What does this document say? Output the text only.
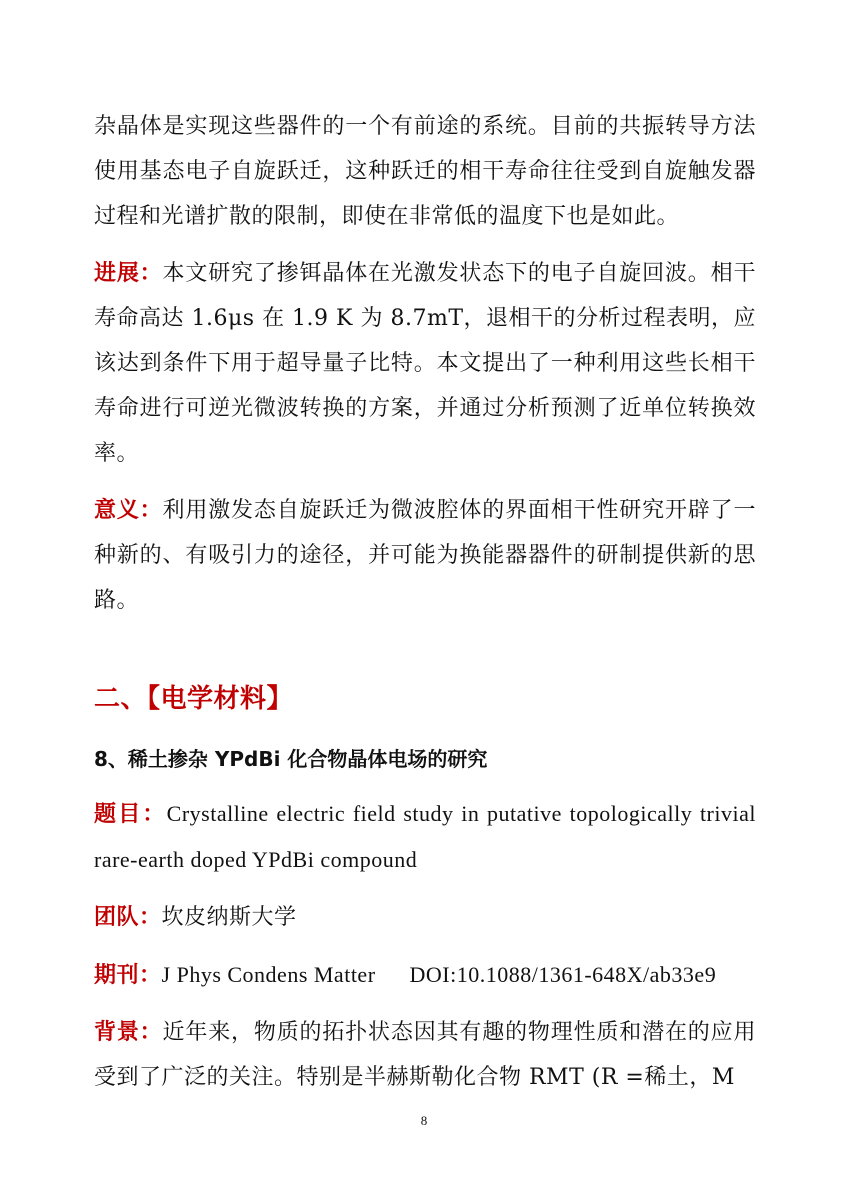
杂晶体是实现这些器件的一个有前途的系统。目前的共振转导方法使用基态电子自旋跃迁，这种跃迁的相干寿命往往受到自旋触发器过程和光谱扩散的限制，即使在非常低的温度下也是如此。

进展：本文研究了掺铒晶体在光激发状态下的电子自旋回波。相干寿命高达 1.6μs 在 1.9 K 为 8.7mT，退相干的分析过程表明，应该达到条件下用于超导量子比特。本文提出了一种利用这些长相干寿命进行可逆光微波转换的方案，并通过分析预测了近单位转换效率。

意义：利用激发态自旋跃迁为微波腔体的界面相干性研究开辟了一种新的、有吸引力的途径，并可能为换能器器件的研制提供新的思路。

二、【电学材料】
8、稀土掺杂 YPdBi 化合物晶体电场的研究

题目：Crystalline electric field study in putative topologically trivial rare-earth doped YPdBi compound

团队：坎皮纳斯大学

期刊：J Phys Condens Matter DOI:10.1088/1361-648X/ab33e9

背景：近年来，物质的拓扑状态因其有趣的物理性质和潜在的应用受到了广泛的关注。特别是半赫斯勒化合物 RMT (R =稀土，M

8
